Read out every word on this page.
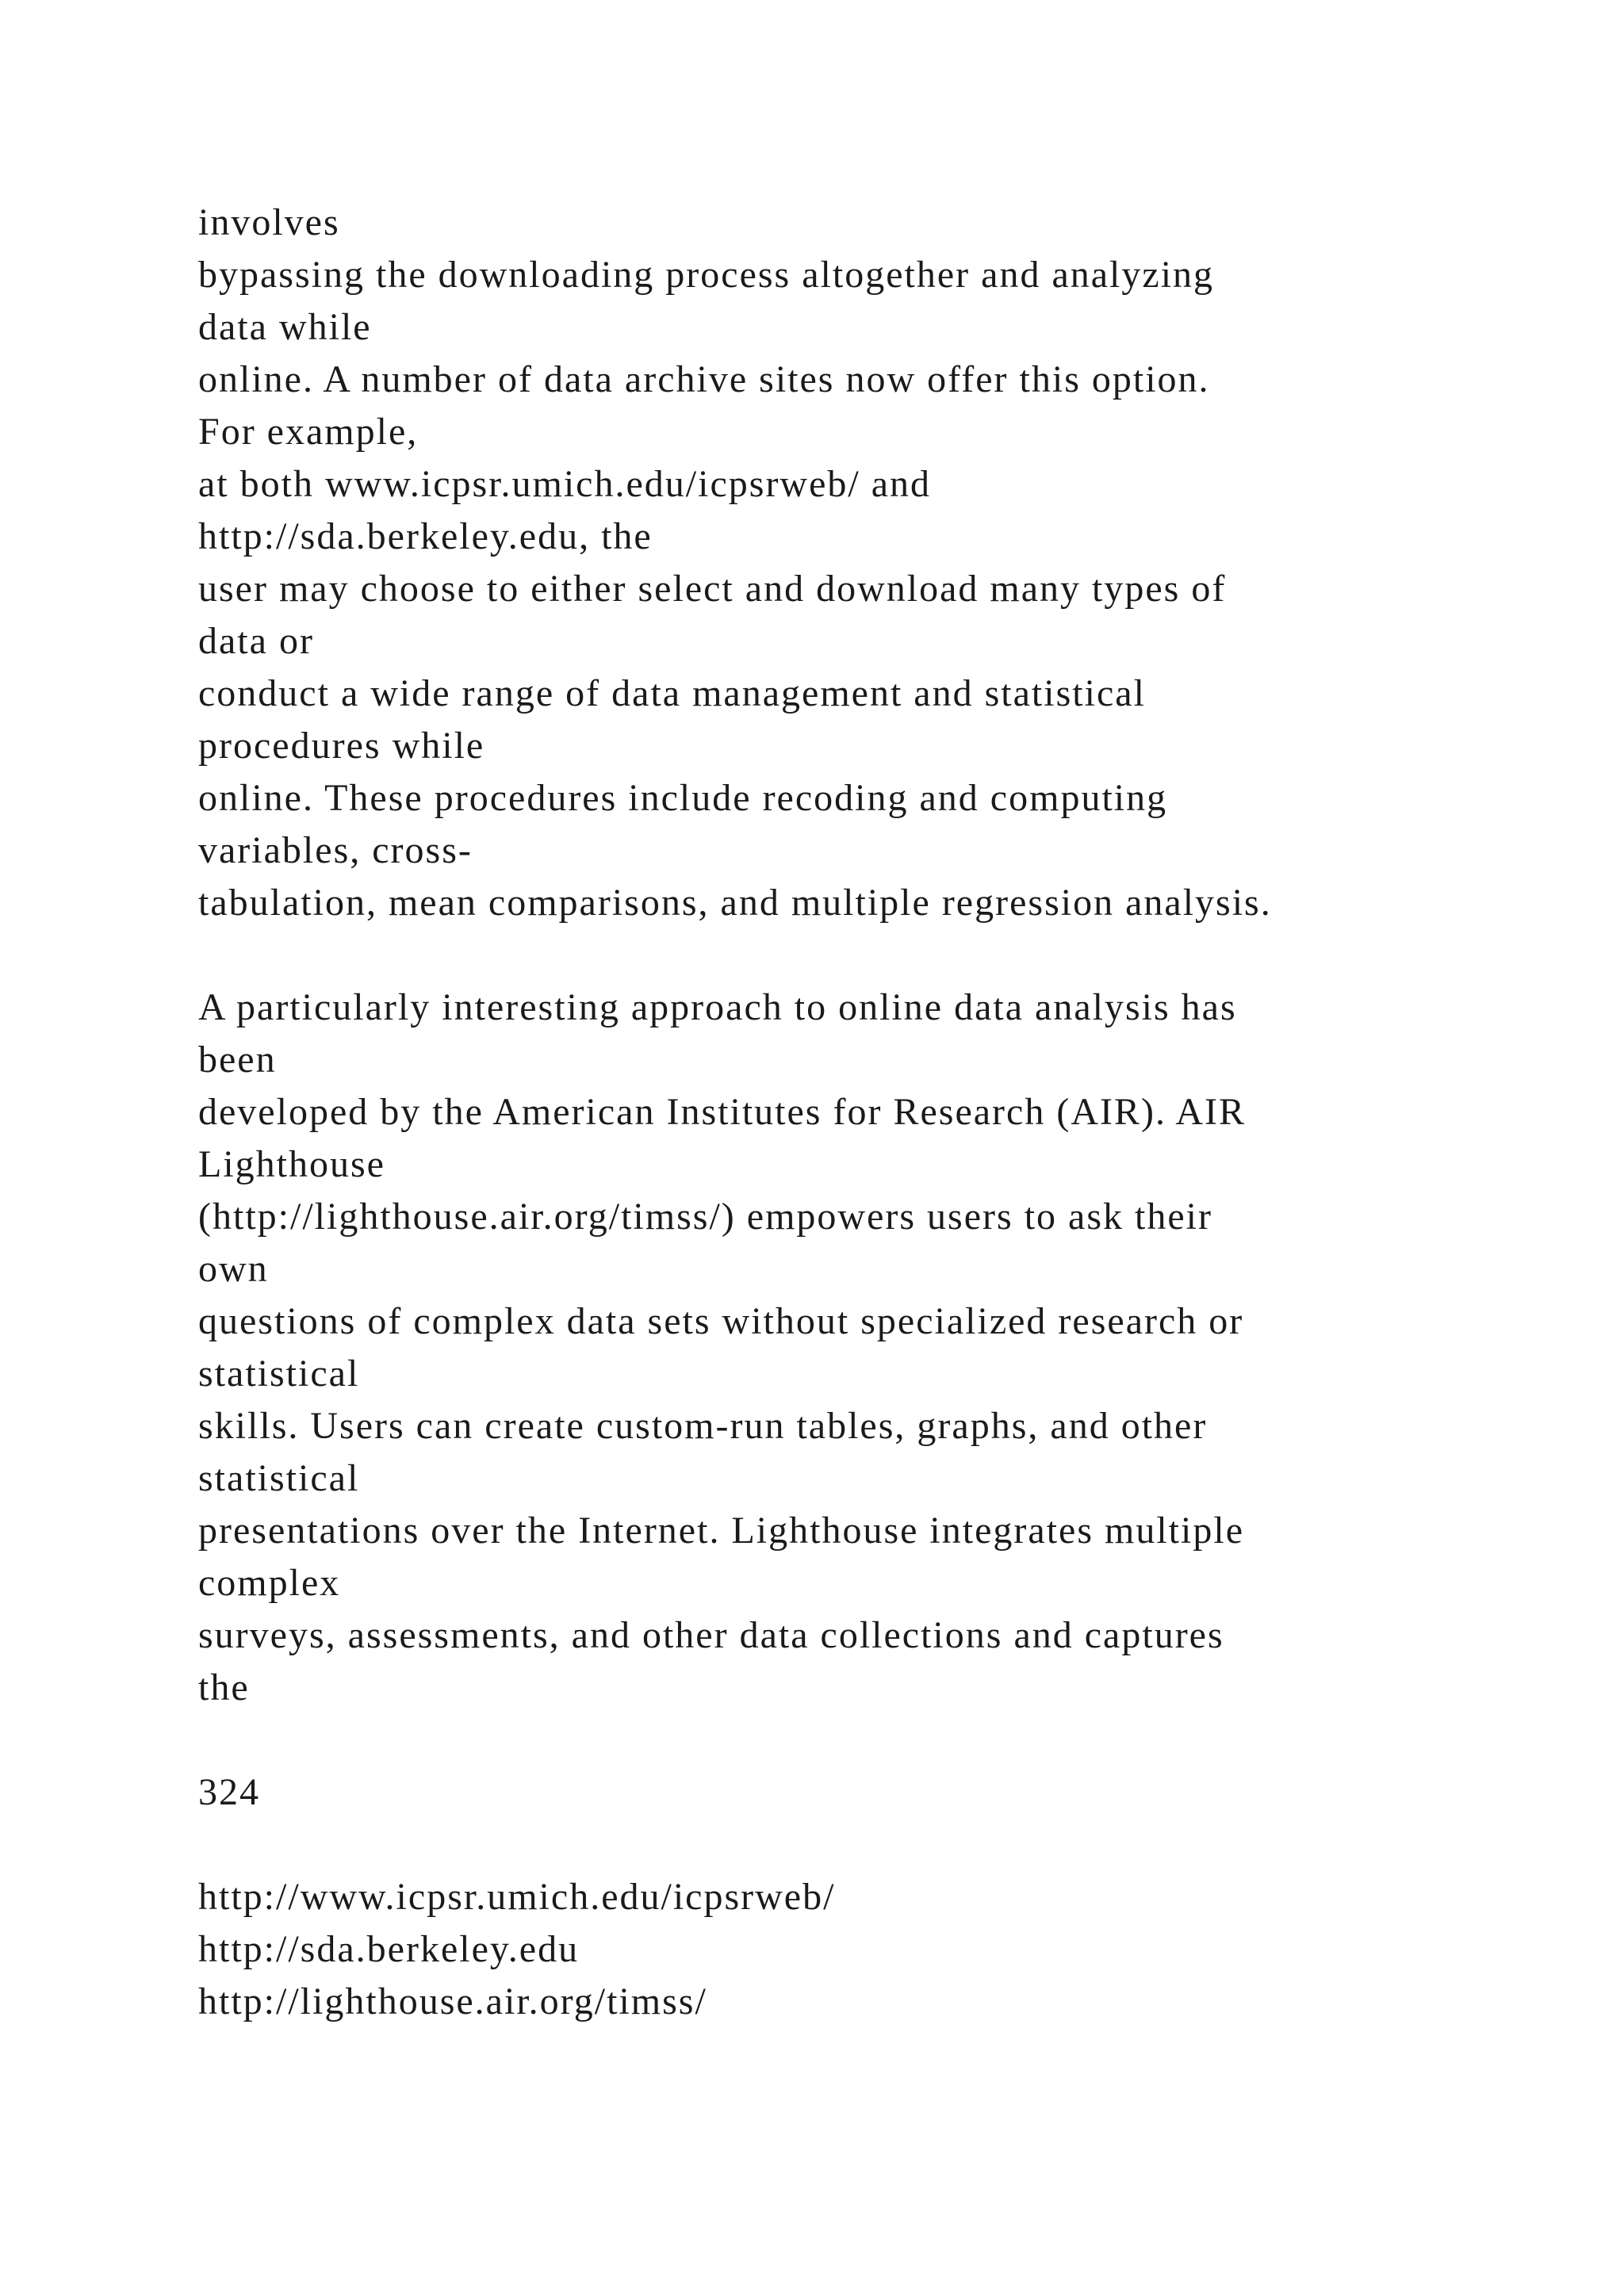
involves
bypassing the downloading process altogether and analyzing
data while
online. A number of data archive sites now offer this option.
For example,
at both www.icpsr.umich.edu/icpsrweb/ and
http://sda.berkeley.edu, the
user may choose to either select and download many types of
data or
conduct a wide range of data management and statistical
procedures while
online. These procedures include recoding and computing
variables, cross-
tabulation, mean comparisons, and multiple regression analysis.
A particularly interesting approach to online data analysis has
been
developed by the American Institutes for Research (AIR). AIR
Lighthouse
(http://lighthouse.air.org/timss/) empowers users to ask their
own
questions of complex data sets without specialized research or
statistical
skills. Users can create custom-run tables, graphs, and other
statistical
presentations over the Internet. Lighthouse integrates multiple
complex
surveys, assessments, and other data collections and captures
the
324
http://www.icpsr.umich.edu/icpsrweb/
http://sda.berkeley.edu
http://lighthouse.air.org/timss/
